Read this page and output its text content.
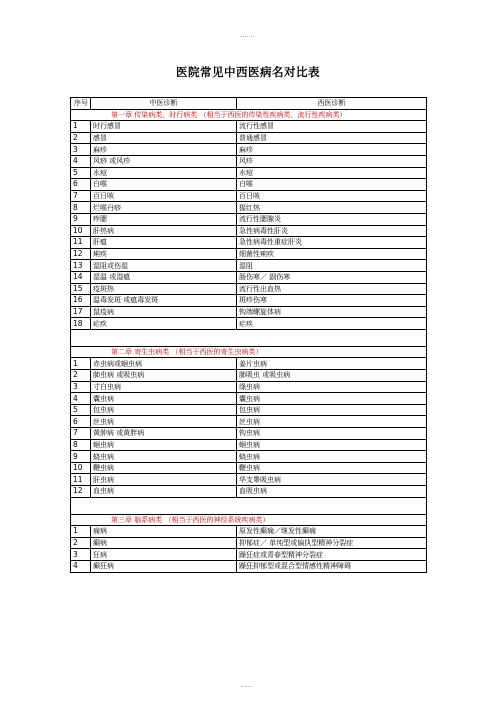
医院常见中西医病名对比表
序号	中医诊断	西医诊断
第一章 传染病类、时行病类 （相当于西医的传染性疾病类、流行性疾病类）		
1	时行感冒	流行性感冒
2	感冒	普通感冒
3	麻疹	麻疹
4	风痧 或风疹	风疹
5	水痘	水痘
6	白喉	白喉
7	百日咳	百日咳
8	烂喉丹痧	猩红热
9	痄腮	流行性腮腺炎
10	肝热病	急性病毒性肝炎
11	肝瘟	急性病毒性重症肝炎
12	痢疾	细菌性痢疾
13	湿阻或伤湿	湿阻
14	湿温 或湿瘟	肠伤寒／ 副伤寒
15	疫斑热	流行性出血热
16	温毒发斑 或瘟毒发斑	斑疹伤寒
17	鼠疫病	钩端螺旋体病
18	疟疾	疟疾

第二章 寄生虫病类 （相当于西医的寄生虫病类）		
1	赤虫病或蛔虫病	姜片虫病
2	肺虫病 或吸虫病	肺吸虫 或吸虫病
3	寸白虫病	绦虫病
4	囊虫病	囊虫病
5	包虫病	包虫病
6	丝虫病	丝虫病
7	黄肿病 或黄胖病	钩虫病
8	蛔虫病	蛔虫病
9	蛲虫病	蛲虫病
10	鞭虫病	鞭虫病
11	肝虫病	华支睾吸虫病
12	血虫病	血吸虫病

第三章 脑系病类 （相当于西医的神经系统疾病类）		
1	痫病	原发性癫痫／继发性癫痫
2	癫病	抑郁症／ 单纯型或偏执型精神分裂症
3	狂病	躁狂症或青春型精神分裂症
4	癫狂病	躁狂抑郁型或混合型情感性精神障碍
